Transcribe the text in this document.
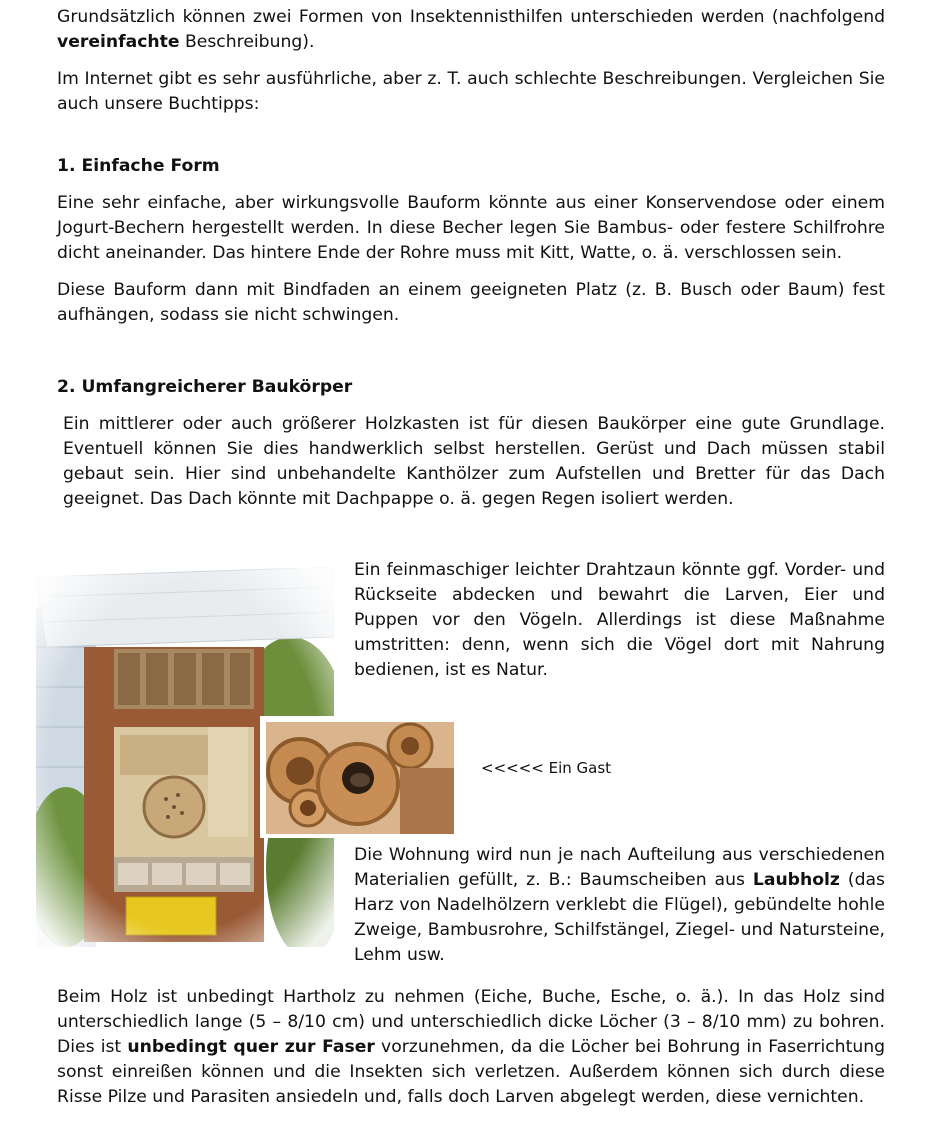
Grundsätzlich können zwei Formen von Insektennisthilfen unterschieden werden (nachfolgend vereinfachte Beschreibung).

Im Internet gibt es sehr ausführliche, aber z. T. auch schlechte Beschreibungen. Vergleichen Sie auch unsere Buchtipps:

1. Einfache Form

Eine sehr einfache, aber wirkungsvolle Bauform könnte aus einer Konservendose oder einem Jogurt-Bechern hergestellt werden. In diese Becher legen Sie Bambus- oder festere Schilfrohre dicht aneinander. Das hintere Ende der Rohre muss mit Kitt, Watte, o. ä. verschlossen sein.

Diese Bauform dann mit Bindfaden an einem geeigneten Platz (z. B. Busch oder Baum) fest aufhängen, sodass sie nicht schwingen.

2. Umfangreicherer Baukörper

Ein mittlerer oder auch größerer Holzkasten ist für diesen Baukörper eine gute Grundlage. Eventuell können Sie dies handwerklich selbst herstellen. Gerüst und Dach müssen stabil gebaut sein. Hier sind unbehandelte Kanthölzer zum Aufstellen und Bretter für das Dach geeignet. Das Dach könnte mit Dachpappe o. ä. gegen Regen isoliert werden.

Ein feinmaschiger leichter Drahtzaun könnte ggf. Vorder- und Rückseite abdecken und bewahrt die Larven, Eier und Puppen vor den Vögeln. Allerdings ist diese Maßnahme umstritten: denn, wenn sich die Vögel dort mit Nahrung bedienen, ist es Natur.

<<<<< Ein Gast

Die Wohnung wird nun je nach Aufteilung aus verschiedenen Materialien gefüllt, z. B.: Baumscheiben aus Laubholz (das Harz von Nadelhölzern verklebt die Flügel), gebündelte hohle Zweige, Bambusrohre, Schilfstängel, Ziegel- und Natursteine, Lehm usw.

Beim Holz ist unbedingt Hartholz zu nehmen (Eiche, Buche, Esche, o. ä.). In das Holz sind unterschiedlich lange (5 – 8/10 cm) und unterschiedlich dicke Löcher (3 – 8/10 mm) zu bohren. Dies ist unbedingt quer zur Faser vorzunehmen, da die Löcher bei Bohrung in Faserrichtung sonst einreißen können und die Insekten sich verletzen. Außerdem können sich durch diese Risse Pilze und Parasiten ansiedeln und, falls doch Larven abgelegt werden, diese vernichten.
